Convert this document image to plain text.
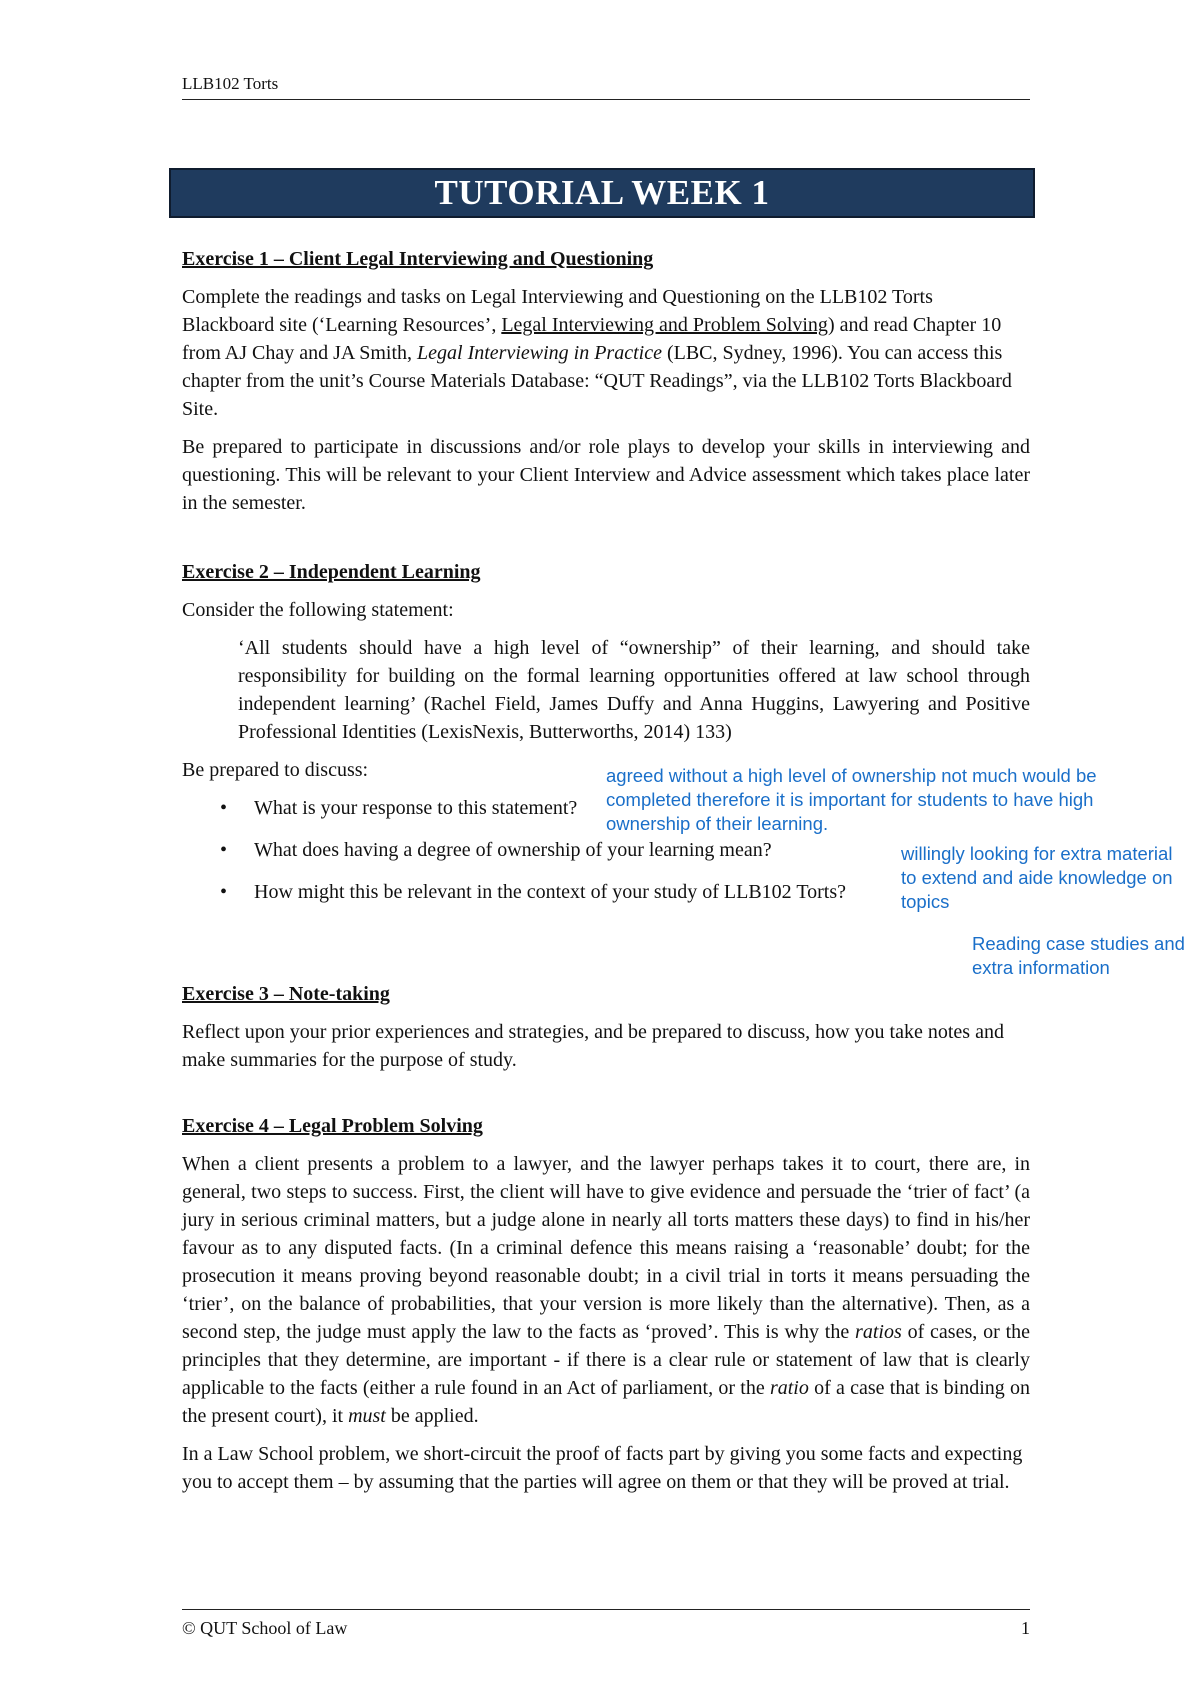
LLB102 Torts
TUTORIAL WEEK 1
Exercise 1 – Client Legal Interviewing and Questioning

Complete the readings and tasks on Legal Interviewing and Questioning on the LLB102 Torts Blackboard site (‘Learning Resources’, Legal Interviewing and Problem Solving) and read Chapter 10 from AJ Chay and JA Smith, Legal Interviewing in Practice (LBC, Sydney, 1996). You can access this chapter from the unit’s Course Materials Database: “QUT Readings”, via the LLB102 Torts Blackboard Site.

Be prepared to participate in discussions and/or role plays to develop your skills in interviewing and questioning. This will be relevant to your Client Interview and Advice assessment which takes place later in the semester.

Exercise 2 – Independent Learning

Consider the following statement:

‘All students should have a high level of “ownership” of their learning, and should take responsibility for building on the formal learning opportunities offered at law school through independent learning’ (Rachel Field, James Duffy and Anna Huggins, Lawyering and Positive Professional Identities (LexisNexis, Butterworths, 2014) 133)

Be prepared to discuss:

• What is your response to this statement?
• What does having a degree of ownership of your learning mean?
• How might this be relevant in the context of your study of LLB102 Torts?
agreed without a high level of ownership not much would be completed therefore it is important for students to have high ownership of their learning.
willingly looking for extra material to extend and aide knowledge on topics
Reading case studies and extra information
Exercise 3 – Note-taking

Reflect upon your prior experiences and strategies, and be prepared to discuss, how you take notes and make summaries for the purpose of study.

Exercise 4 – Legal Problem Solving

When a client presents a problem to a lawyer, and the lawyer perhaps takes it to court, there are, in general, two steps to success. First, the client will have to give evidence and persuade the ‘trier of fact’ (a jury in serious criminal matters, but a judge alone in nearly all torts matters these days) to find in his/her favour as to any disputed facts. (In a criminal defence this means raising a ‘reasonable’ doubt; for the prosecution it means proving beyond reasonable doubt; in a civil trial in torts it means persuading the ‘trier’, on the balance of probabilities, that your version is more likely than the alternative). Then, as a second step, the judge must apply the law to the facts as ‘proved’. This is why the ratios of cases, or the principles that they determine, are important - if there is a clear rule or statement of law that is clearly applicable to the facts (either a rule found in an Act of parliament, or the ratio of a case that is binding on the present court), it must be applied.

In a Law School problem, we short-circuit the proof of facts part by giving you some facts and expecting you to accept them – by assuming that the parties will agree on them or that they will be proved at trial.

© QUT School of Law	1
